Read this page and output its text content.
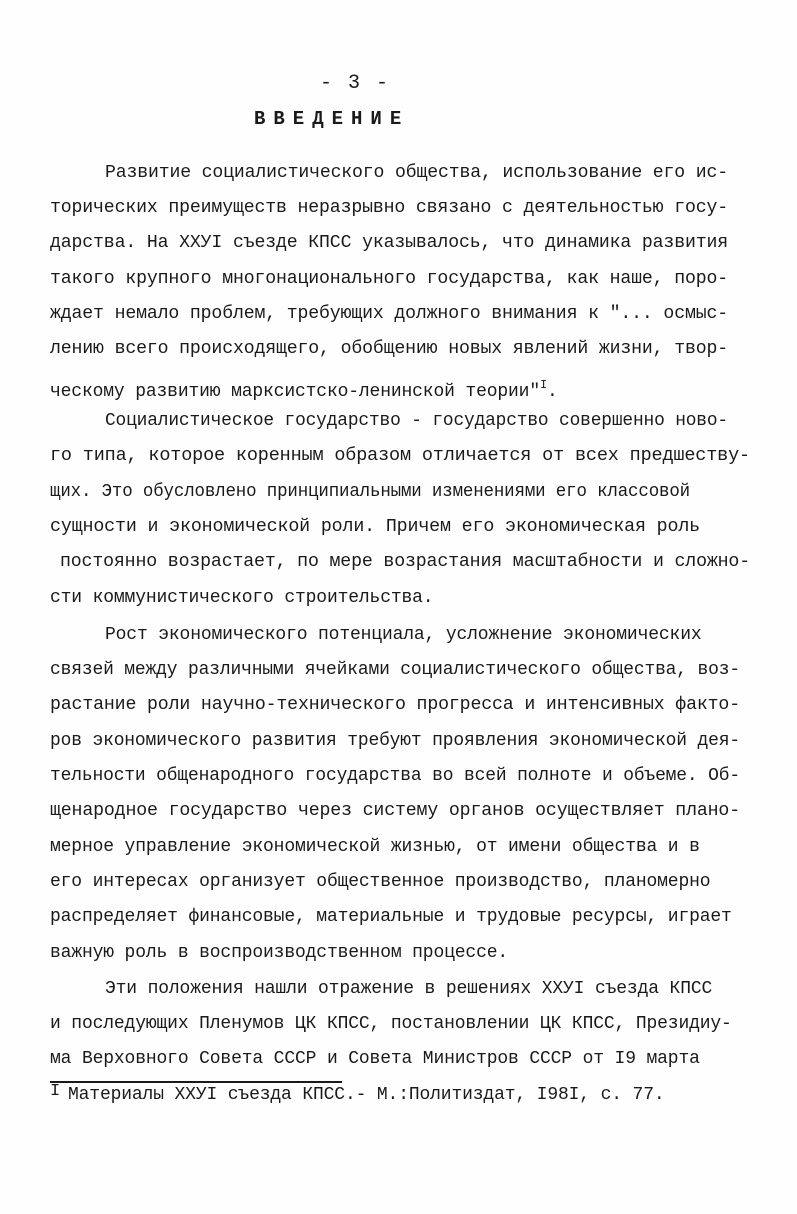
- 3 -
ВВЕДЕНИЕ
Развитие социалистического общества, использование его ис-
торических преимуществ неразрывно связано с деятельностью госу-
дарства. На ХХУI съезде КПСС указывалось, что динамика развития
такого крупного многонационального государства, как наше, поро-
ждает немало проблем, требующих должного внимания к "... осмыс-
лению всего происходящего, обобщению новых явлений жизни, твор-
ческому развитию марксистско-ленинской теории"$^I$.
Социалистическое государство - государство совершенно ново-
го типа, которое коренным образом отличается от всех предшеству-
щих. Это обусловлено принципиальными изменениями его классовой
сущности и экономической роли. Причем его экономическая роль
постоянно возрастает, по мере возрастания масштабности и сложно-
сти коммунистического строительства.
Рост экономического потенциала, усложнение экономических
связей между различными ячейками социалистического общества, воз-
растание роли научно-технического прогресса и интенсивных факто-
ров экономического развития требуют проявления экономической дея-
тельности общенародного государства во всей полноте и объеме. Об-
щенародное государство через систему органов осуществляет плано-
мерное управление экономической жизнью, от имени общества и в
его интересах организует общественное производство, планомерно
распределяет финансовые, материальные и трудовые ресурсы, играет
важную роль в воспроизводственном процессе.
Эти положения нашли отражение в решениях ХХУI съезда КПСС
и последующих Пленумов ЦК КПСС, постановлении ЦК КПСС, Президиу-
ма Верховного Совета СССР и Совета Министров СССР от I9 марта
I Материалы ХХУI съезда КПСС.- М.:Политиздат, I98I, с. 77.
